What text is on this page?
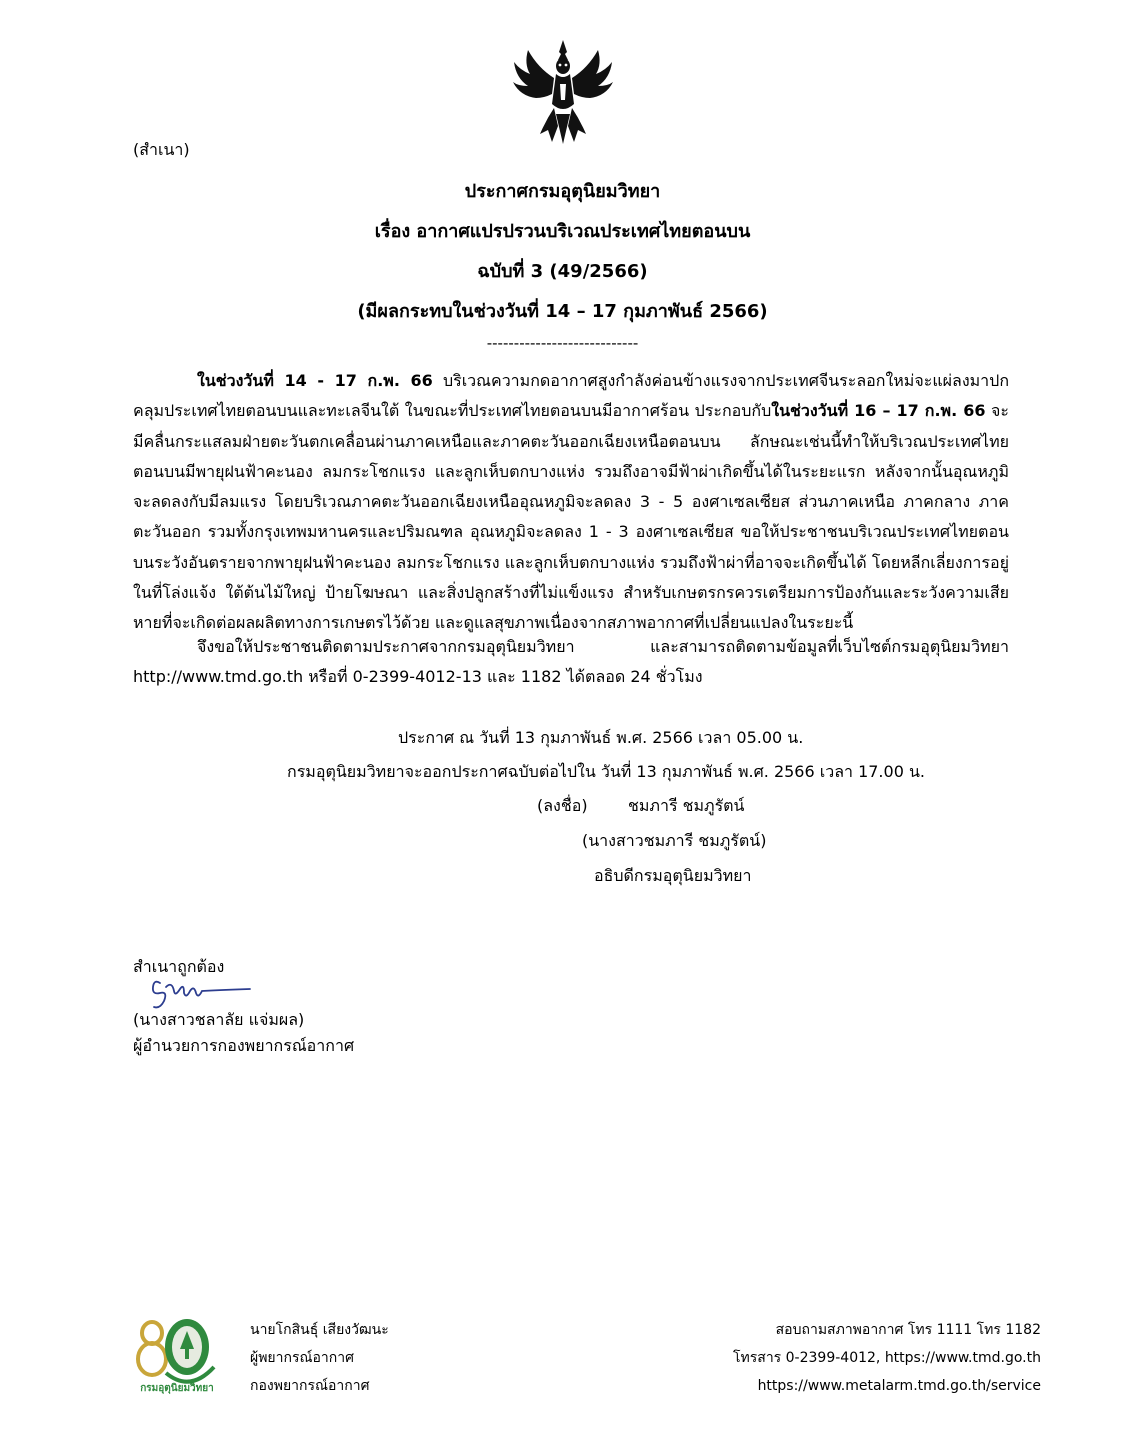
(สำเนา)
ประกาศกรมอุตุนิยมวิทยา
เรื่อง อากาศแปรปรวนบริเวณประเทศไทยตอนบน
ฉบับที่ 3 (49/2566)
(มีผลกระทบในช่วงวันที่ 14 – 17 กุมภาพันธ์ 2566)
----------------------------

ในช่วงวันที่ 14 - 17 ก.พ. 66 บริเวณความกดอากาศสูงกำลังค่อนข้างแรงจากประเทศจีนระลอกใหม่จะแผ่ลงมาปกคลุมประเทศไทยตอนบนและทะเลจีนใต้ ในขณะที่ประเทศไทยตอนบนมีอากาศร้อน ประกอบกับในช่วงวันที่ 16 – 17 ก.พ. 66 จะมีคลื่นกระแสลมฝ่ายตะวันตกเคลื่อนผ่านภาคเหนือและภาคตะวันออกเฉียงเหนือตอนบน ลักษณะเช่นนี้ทำให้บริเวณประเทศไทยตอนบนมีพายุฝนฟ้าคะนอง ลมกระโชกแรง และลูกเห็บตกบางแห่ง รวมถึงอาจมีฟ้าผ่าเกิดขึ้นได้ในระยะแรก หลังจากนั้นอุณหภูมิจะลดลงกับมีลมแรง โดยบริเวณภาคตะวันออกเฉียงเหนืออุณหภูมิจะลดลง 3 - 5 องศาเซลเซียส ส่วนภาคเหนือ ภาคกลาง ภาคตะวันออก รวมทั้งกรุงเทพมหานครและปริมณฑล อุณหภูมิจะลดลง 1 - 3 องศาเซลเซียส ขอให้ประชาชนบริเวณประเทศไทยตอนบนระวังอันตรายจากพายุฝนฟ้าคะนอง ลมกระโชกแรง และลูกเห็บตกบางแห่ง รวมถึงฟ้าผ่าที่อาจจะเกิดขึ้นได้ โดยหลีกเลี่ยงการอยู่ในที่โล่งแจ้ง ใต้ต้นไม้ใหญ่ ป้ายโฆษณา และสิ่งปลูกสร้างที่ไม่แข็งแรง สำหรับเกษตรกรควรเตรียมการป้องกันและระวังความเสียหายที่จะเกิดต่อผลผลิตทางการเกษตรไว้ด้วย และดูแลสุขภาพเนื่องจากสภาพอากาศที่เปลี่ยนแปลงในระยะนี้

จึงขอให้ประชาชนติดตามประกาศจากกรมอุตุนิยมวิทยา และสามารถติดตามข้อมูลที่เว็บไซต์กรมอุตุนิยมวิทยา http://www.tmd.go.th หรือที่ 0-2399-4012-13 และ 1182 ได้ตลอด 24 ชั่วโมง

ประกาศ ณ วันที่ 13 กุมภาพันธ์ พ.ศ. 2566 เวลา 05.00 น.
กรมอุตุนิยมวิทยาจะออกประกาศฉบับต่อไปใน วันที่ 13 กุมภาพันธ์ พ.ศ. 2566 เวลา 17.00 น.
(ลงชื่อ)	ชมภารี ชมภูรัตน์
(นางสาวชมภารี ชมภูรัตน์)
อธิบดีกรมอุตุนิยมวิทยา
สำเนาถูกต้อง
(นางสาวชลาลัย แจ่มผล)
ผู้อำนวยการกองพยากรณ์อากาศ
กรมอุตุนิยมวิทยา
นายโกสินธุ์ เสียงวัฒนะ
ผู้พยากรณ์อากาศ
กองพยากรณ์อากาศ
สอบถามสภาพอากาศ โทร 1111 โทร 1182
โทรสาร 0-2399-4012, https://www.tmd.go.th
https://www.metalarm.tmd.go.th/service
